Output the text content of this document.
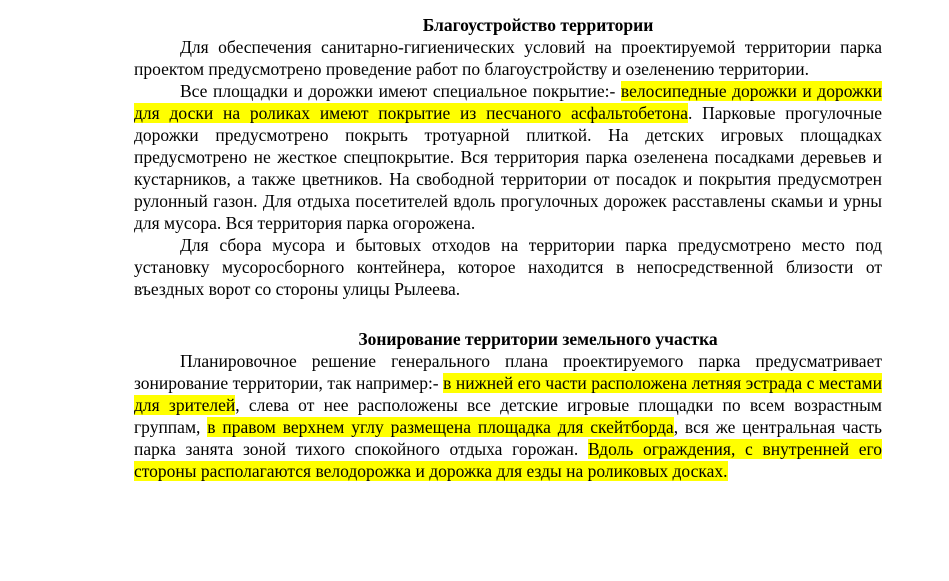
Благоустройство территории

Для обеспечения санитарно-гигиенических условий на проектируемой территории парка проектом предусмотрено проведение работ по благоустройству и озеленению территории.

Все площадки и дорожки имеют специальное покрытие:- велосипедные дорожки и дорожки для доски на роликах имеют покрытие из песчаного асфальтобетона. Парковые прогулочные дорожки предусмотрено покрыть тротуарной плиткой. На детских игровых площадках предусмотрено не жесткое спецпокрытие. Вся территория парка озеленена посадками деревьев и кустарников, а также цветников. На свободной территории от посадок и покрытия предусмотрен рулонный газон. Для отдыха посетителей вдоль прогулочных дорожек расставлены скамьи и урны для мусора. Вся территория парка огорожена.

Для сбора мусора и бытовых отходов на территории парка предусмотрено место под установку мусоросборного контейнера, которое находится в непосредственной близости от въездных ворот со стороны улицы Рылеева.

Зонирование территории земельного участка

Планировочное решение генерального плана проектируемого парка предусматривает зонирование территории, так например:- в нижней его части расположена летняя эстрада с местами для зрителей, слева от нее расположены все детские игровые площадки по всем возрастным группам, в правом верхнем углу размещена площадка для скейтборда, вся же центральная часть парка занята зоной тихого спокойного отдыха горожан. Вдоль ограждения, с внутренней его стороны располагаются велодорожка и дорожка для езды на роликовых досках.
